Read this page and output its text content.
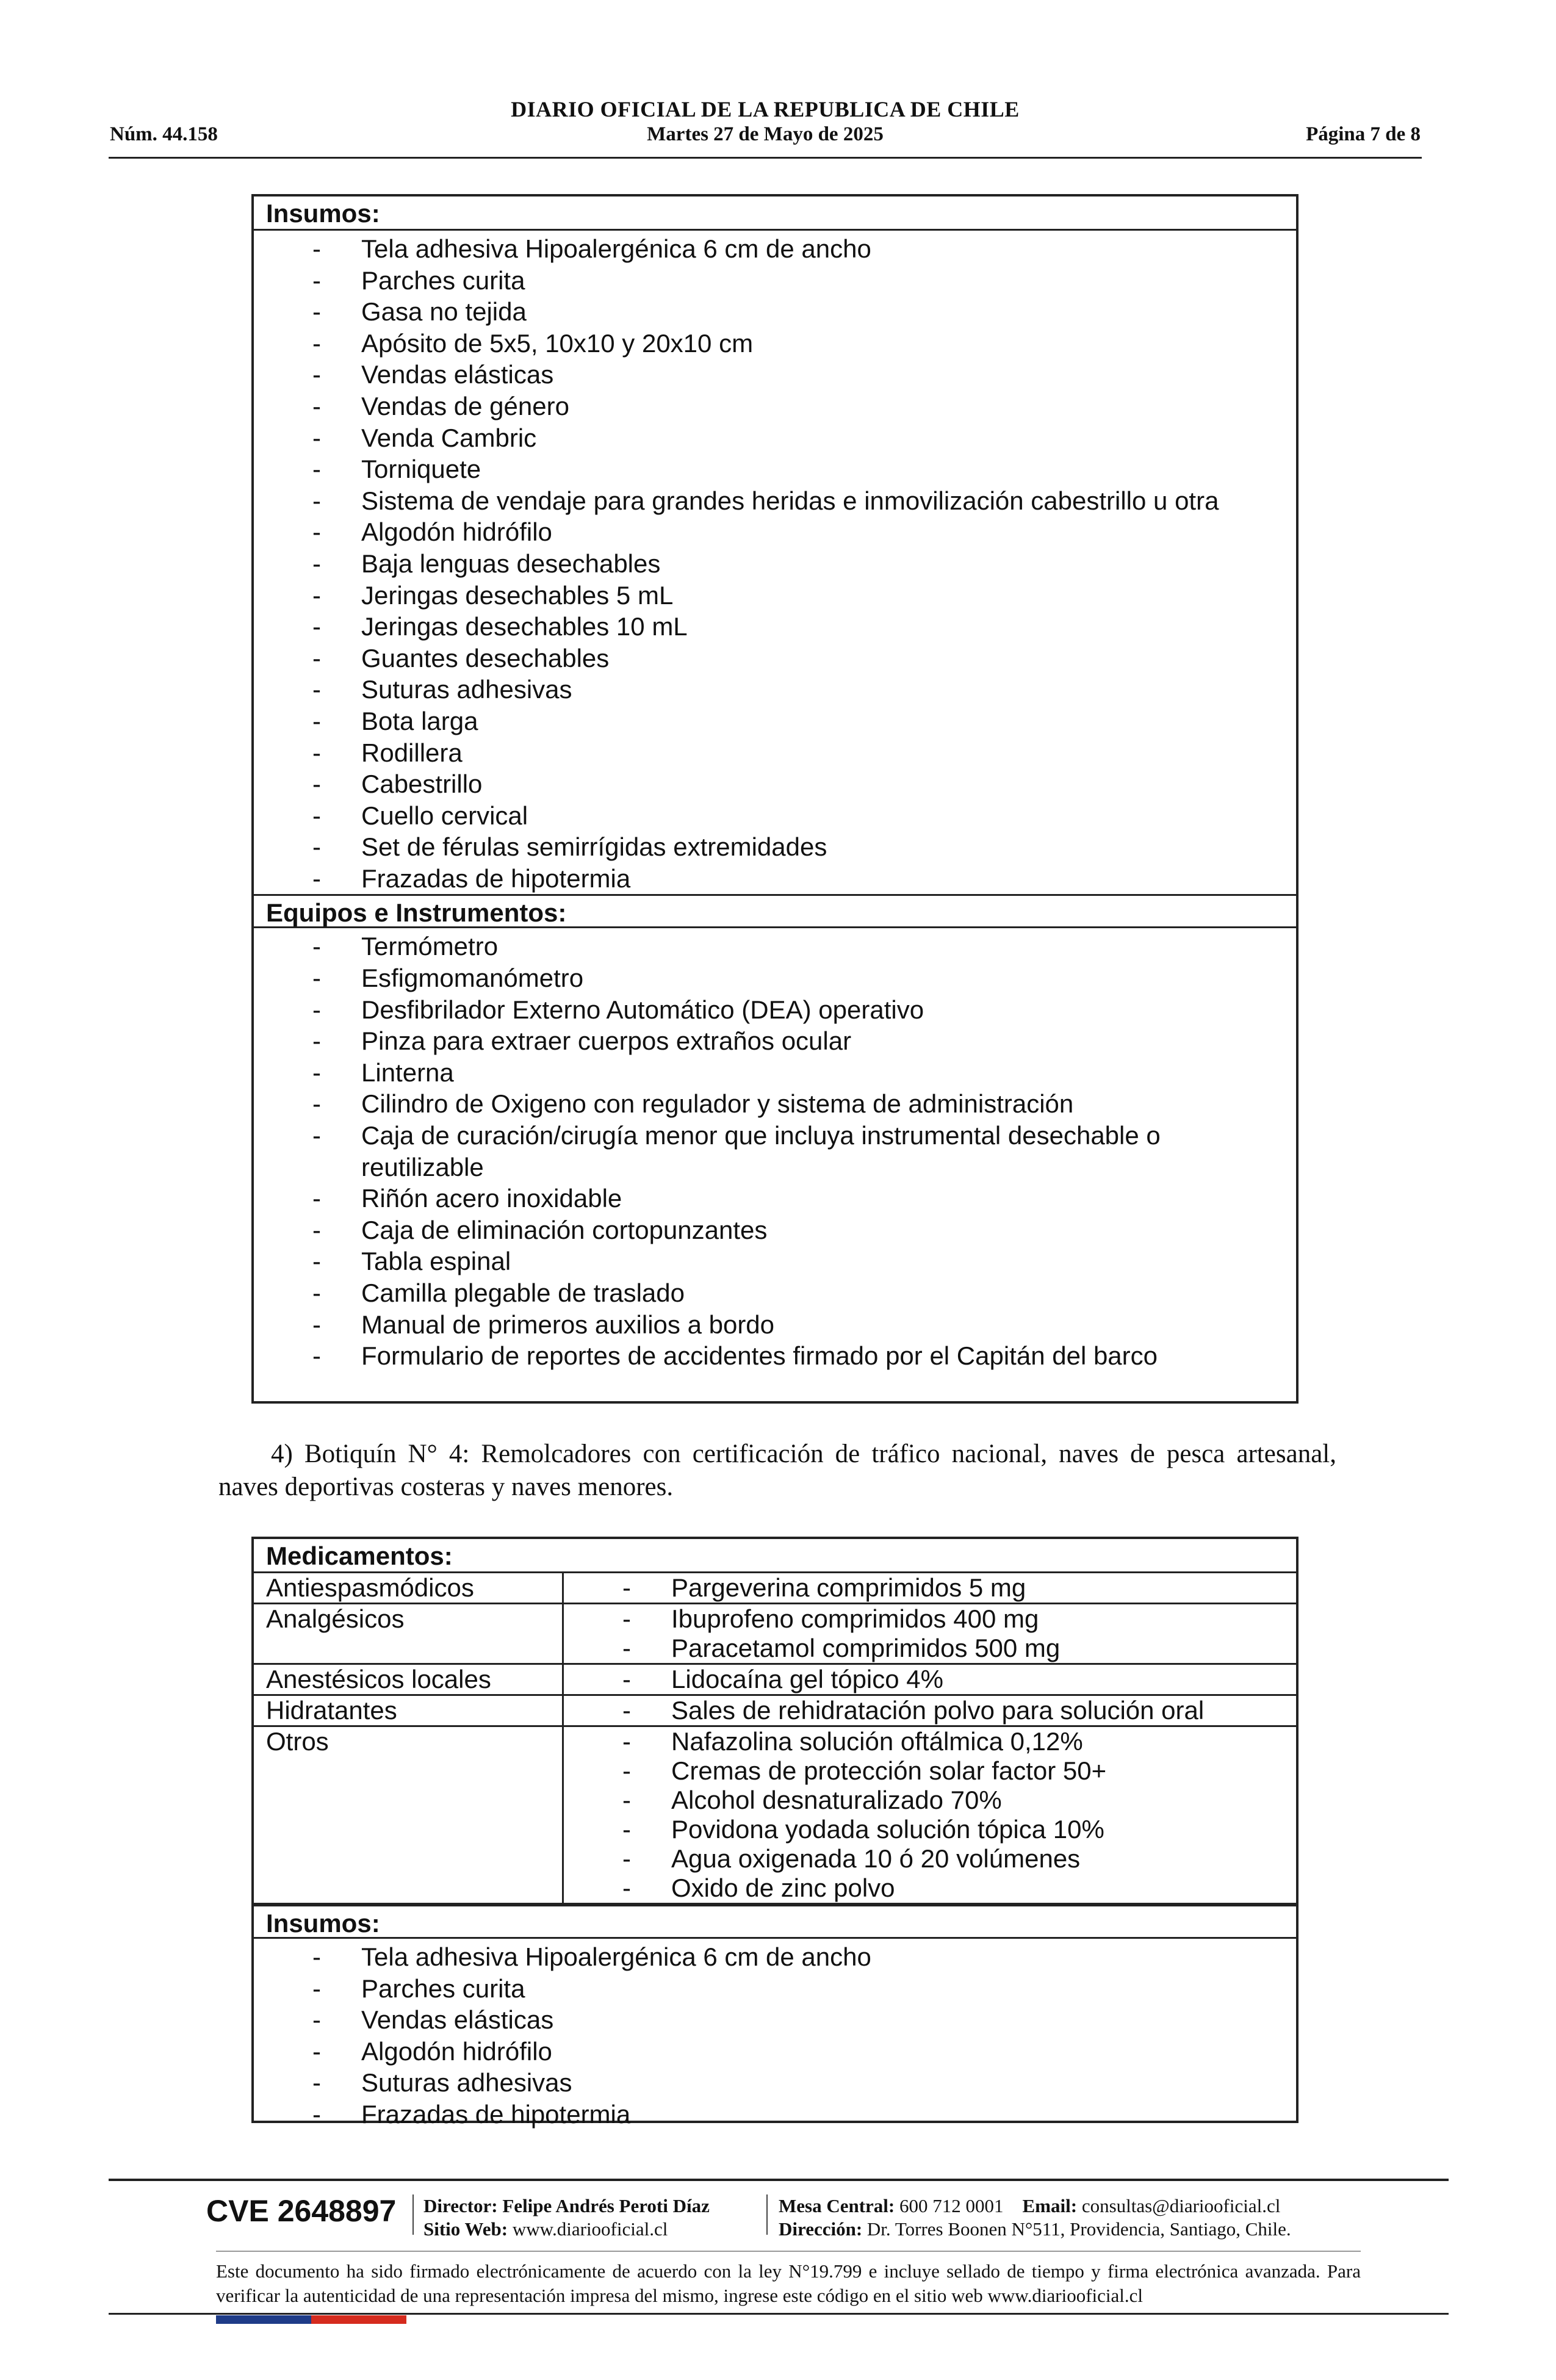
DIARIO OFICIAL DE LA REPUBLICA DE CHILE
Núm. 44.158	Martes 27 de Mayo de 2025	Página 7 de 8
Insumos:
- Tela adhesiva Hipoalergénica 6 cm de ancho
- Parches curita
- Gasa no tejida
- Apósito de 5x5, 10x10 y 20x10 cm
- Vendas elásticas
- Vendas de género
- Venda Cambric
- Torniquete
- Sistema de vendaje para grandes heridas e inmovilización cabestrillo u otra
- Algodón hidrófilo
- Baja lenguas desechables
- Jeringas desechables 5 mL
- Jeringas desechables 10 mL
- Guantes desechables
- Suturas adhesivas
- Bota larga
- Rodillera
- Cabestrillo
- Cuello cervical
- Set de férulas semirrígidas extremidades
- Frazadas de hipotermia
Equipos e Instrumentos:
- Termómetro
- Esfigmomanómetro
- Desfibrilador Externo Automático (DEA) operativo
- Pinza para extraer cuerpos extraños ocular
- Linterna
- Cilindro de Oxigeno con regulador y sistema de administración
- Caja de curación/cirugía menor que incluya instrumental desechable o reutilizable
- Riñón acero inoxidable
- Caja de eliminación cortopunzantes
- Tabla espinal
- Camilla plegable de traslado
- Manual de primeros auxilios a bordo
- Formulario de reportes de accidentes firmado por el Capitán del barco
4) Botiquín N° 4: Remolcadores con certificación de tráfico nacional, naves de pesca artesanal, naves deportivas costeras y naves menores.
Medicamentos:
Antiespasmódicos	- Pargeverina comprimidos 5 mg
Analgésicos	- Ibuprofeno comprimidos 400 mg
- Paracetamol comprimidos 500 mg
Anestésicos locales	- Lidocaína gel tópico 4%
Hidratantes	- Sales de rehidratación polvo para solución oral
Otros	- Nafazolina solución oftálmica 0,12%
- Cremas de protección solar factor 50+
- Alcohol desnaturalizado 70%
- Povidona yodada solución tópica 10%
- Agua oxigenada 10 ó 20 volúmenes
- Oxido de zinc polvo
Insumos:
- Tela adhesiva Hipoalergénica 6 cm de ancho
- Parches curita
- Vendas elásticas
- Algodón hidrófilo
- Suturas adhesivas
- Frazadas de hipotermia
CVE 2648897 Director: Felipe Andrés Peroti Díaz
Sitio Web: www.diariooficial.cl
Mesa Central: 600 712 0001 Email: consultas@diariooficial.cl
Dirección: Dr. Torres Boonen N°511, Providencia, Santiago, Chile.
Este documento ha sido firmado electrónicamente de acuerdo con la ley N°19.799 e incluye sellado de tiempo y firma electrónica avanzada. Para verificar la autenticidad de una representación impresa del mismo, ingrese este código en el sitio web www.diariooficial.cl
